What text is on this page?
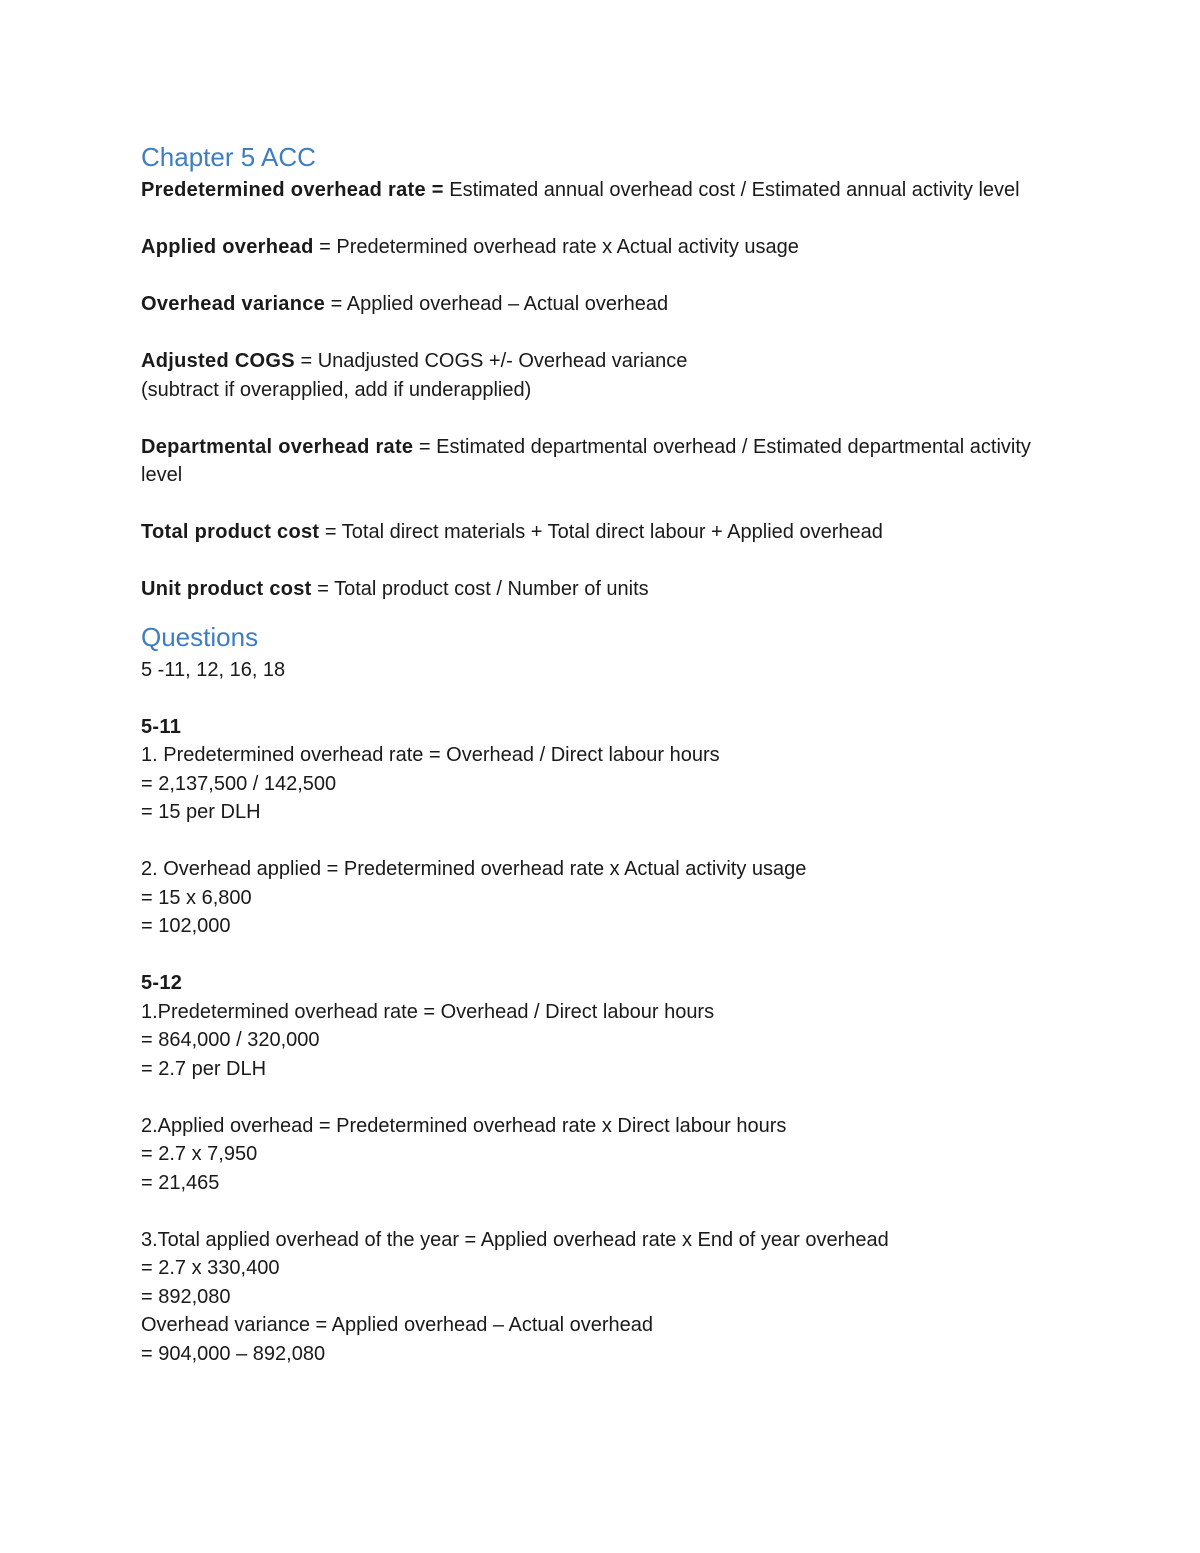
Chapter 5 ACC

Predetermined overhead rate = Estimated annual overhead cost / Estimated annual activity level

Applied overhead = Predetermined overhead rate x Actual activity usage

Overhead variance = Applied overhead – Actual overhead

Adjusted COGS = Unadjusted COGS +/- Overhead variance

(subtract if overapplied, add if underapplied)

Departmental overhead rate = Estimated departmental overhead / Estimated departmental activity level

Total product cost = Total direct materials + Total direct labour + Applied overhead

Unit product cost = Total product cost / Number of units

Questions

5 -11, 12, 16, 18

5-11

1. Predetermined overhead rate = Overhead / Direct labour hours

= 2,137,500 / 142,500

= 15 per DLH

2. Overhead applied = Predetermined overhead rate x Actual activity usage

= 15 x 6,800

= 102,000

5-12

1.Predetermined overhead rate = Overhead / Direct labour hours

= 864,000 / 320,000

= 2.7 per DLH

2.Applied overhead = Predetermined overhead rate x Direct labour hours

= 2.7 x 7,950

= 21,465

3.Total applied overhead of the year = Applied overhead rate x End of year overhead

= 2.7 x 330,400

= 892,080

Overhead variance = Applied overhead – Actual overhead

= 904,000 – 892,080
